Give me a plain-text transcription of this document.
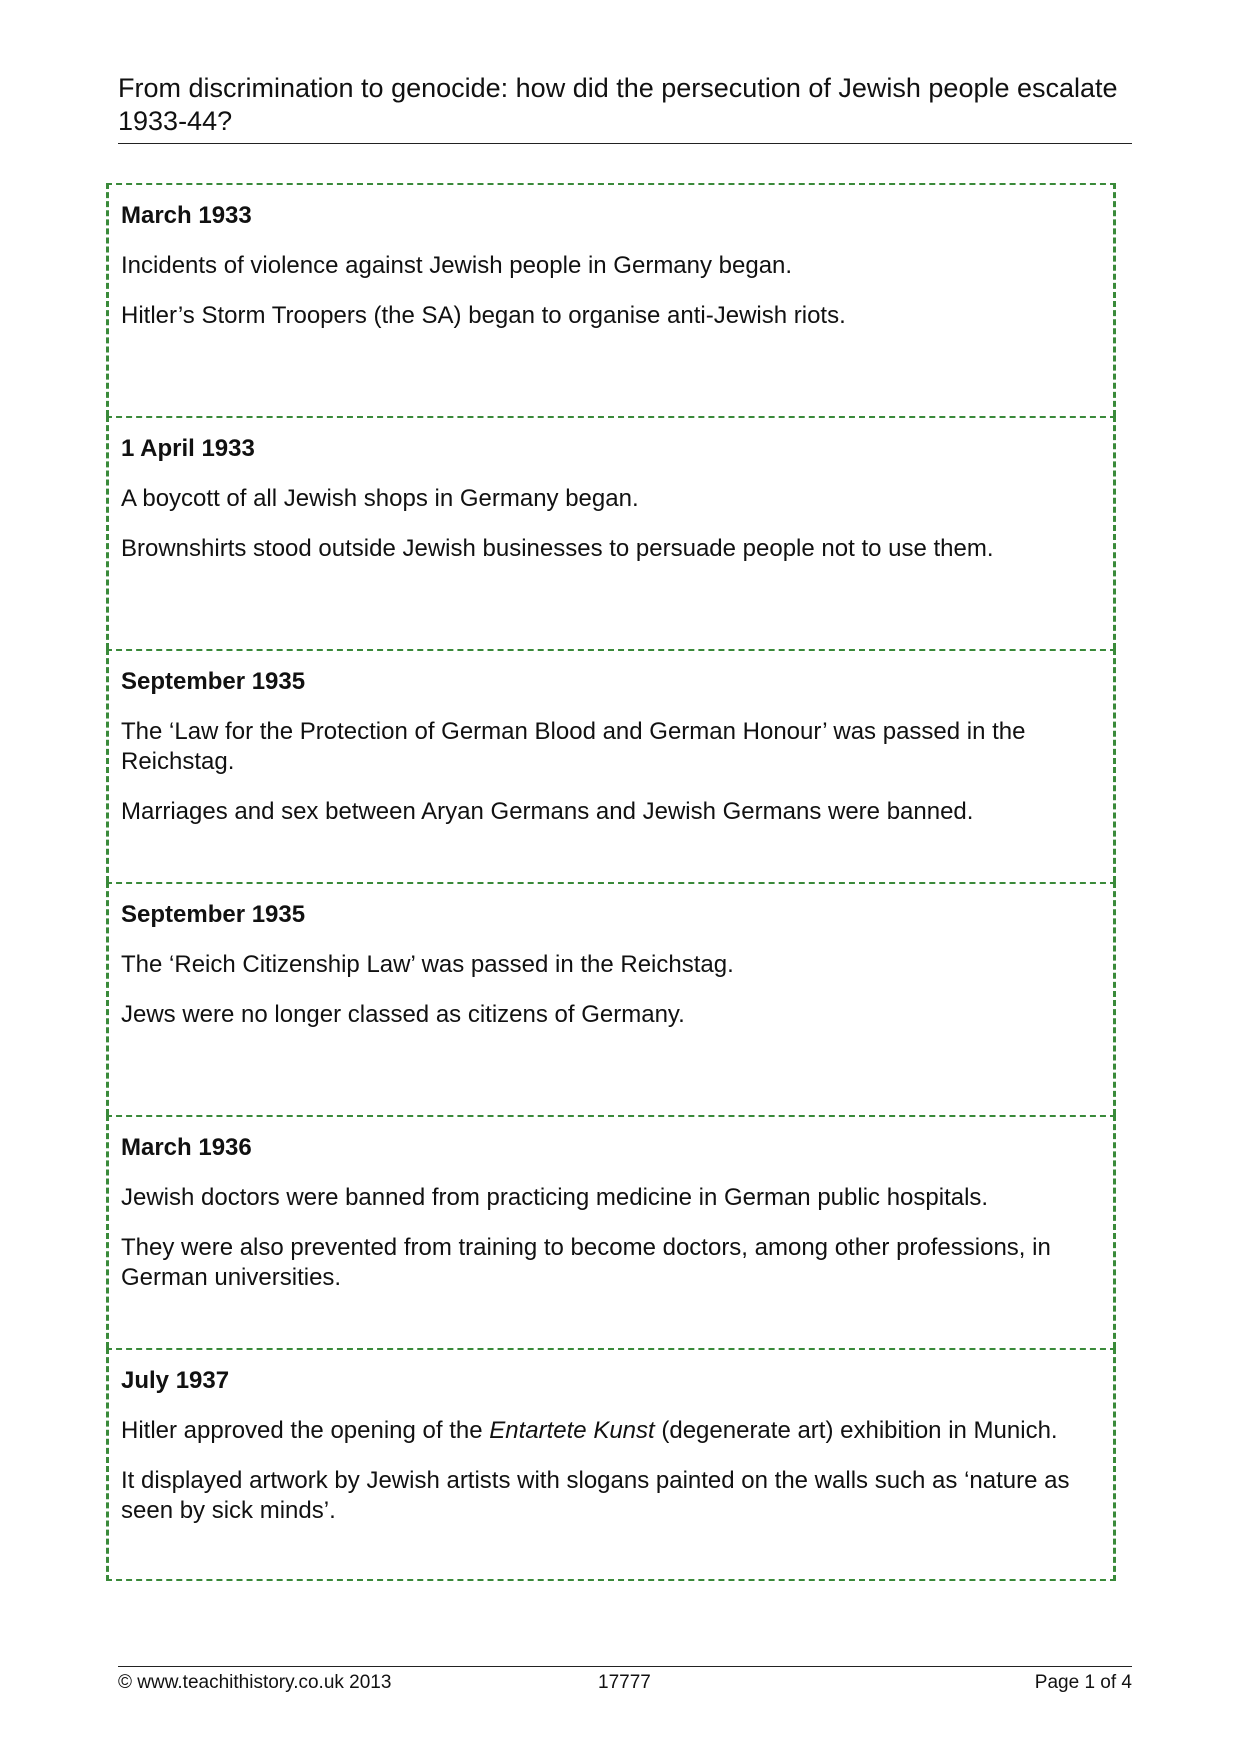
From discrimination to genocide: how did the persecution of Jewish people escalate 1933-44?
March 1933

Incidents of violence against Jewish people in Germany began.

Hitler’s Storm Troopers (the SA) began to organise anti-Jewish riots.

1 April 1933

A boycott of all Jewish shops in Germany began.

Brownshirts stood outside Jewish businesses to persuade people not to use them.

September 1935

The ‘Law for the Protection of German Blood and German Honour’ was passed in the Reichstag.

Marriages and sex between Aryan Germans and Jewish Germans were banned.

September 1935

The ‘Reich Citizenship Law’ was passed in the Reichstag.

Jews were no longer classed as citizens of Germany.

March 1936

Jewish doctors were banned from practicing medicine in German public hospitals.

They were also prevented from training to become doctors, among other professions, in German universities.

July 1937

Hitler approved the opening of the Entartete Kunst (degenerate art) exhibition in Munich.

It displayed artwork by Jewish artists with slogans painted on the walls such as ‘nature as seen by sick minds’.

© www.teachithistory.co.uk 2013	17777	Page 1 of 4
